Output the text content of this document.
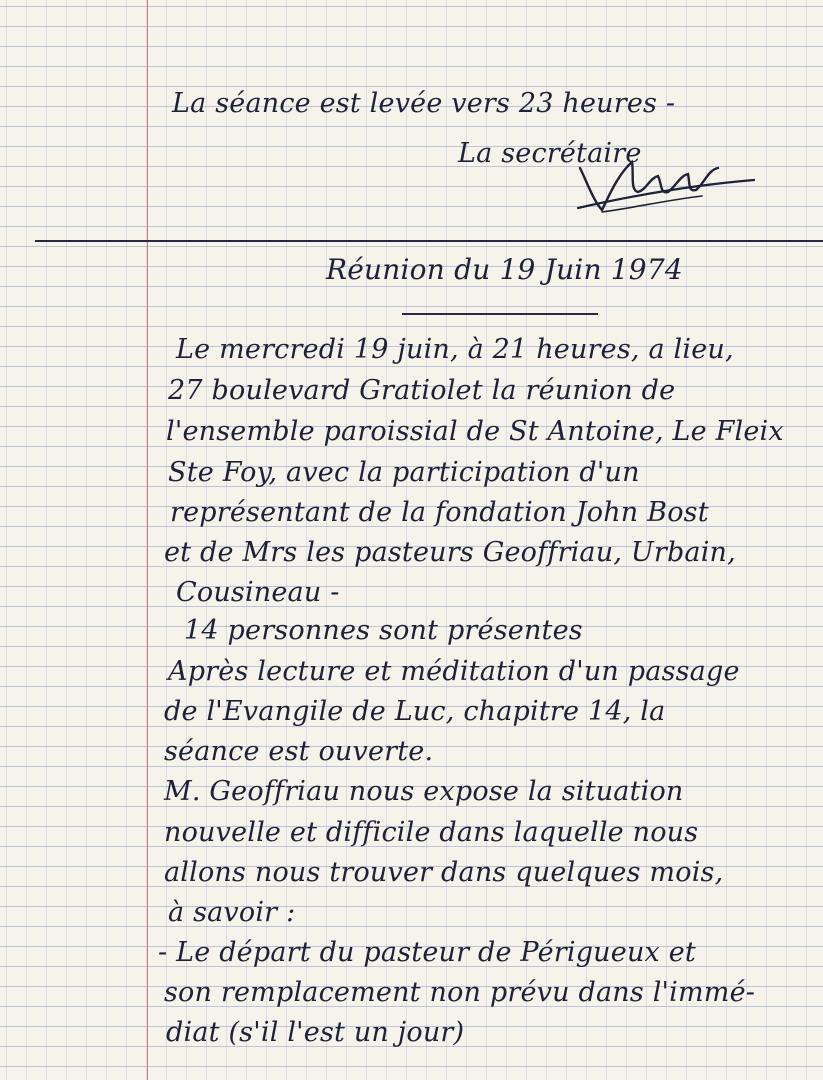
La séance est levée vers 23 heures -
La secrétaire
Réunion du 19 Juin 1974
Le mercredi 19 juin, à 21 heures, a lieu,
27 boulevard Gratiolet la réunion de
l'ensemble paroissial de St Antoine, Le Fleix
Ste Foy, avec la participation d'un
représentant de la fondation John Bost
et de Mrs les pasteurs Geoffriau, Urbain,
Cousineau -
14 personnes sont présentes
Après lecture et méditation d'un passage
de l'Evangile de Luc, chapitre 14, la
séance est ouverte.
M. Geoffriau nous expose la situation
nouvelle et difficile dans laquelle nous
allons nous trouver dans quelques mois,
à savoir :
- Le départ du pasteur de Périgueux et
son remplacement non prévu dans l'immé-
diat (s'il l'est un jour)
